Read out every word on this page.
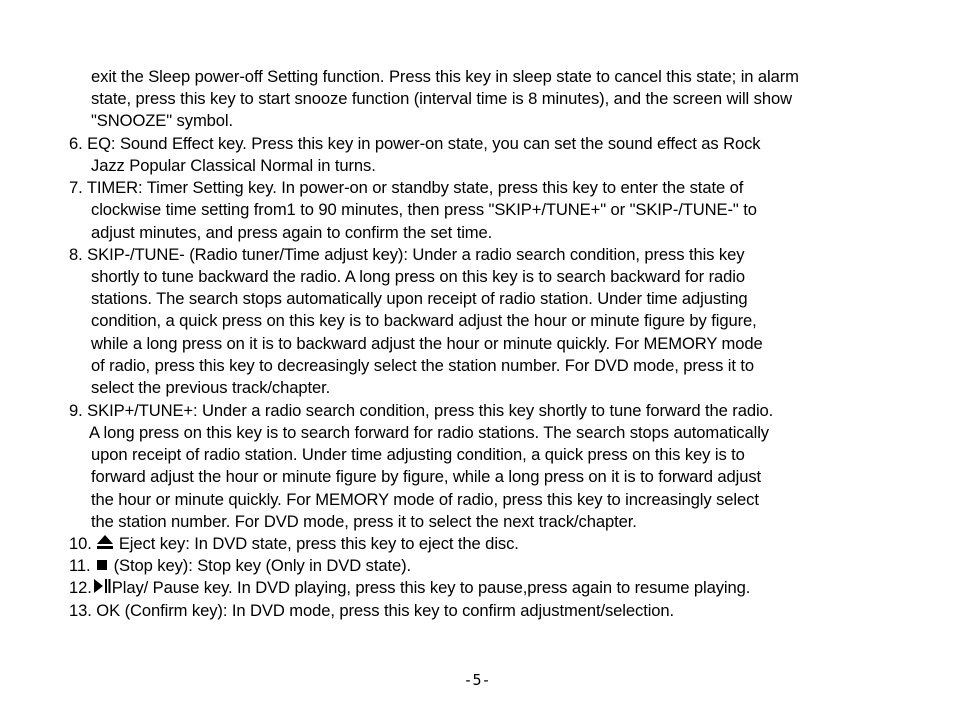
exit the Sleep power-off Setting function. Press this key in sleep state to cancel this state; in alarm
state, press this key to start snooze function (interval time is 8 minutes), and the screen will show
"SNOOZE" symbol.
6. EQ: Sound Effect key. Press this key in power-on state, you can set the sound effect as Rock
Jazz Popular Classical Normal in turns.
7. TIMER: Timer Setting key. In power-on or standby state, press this key to enter the state of
clockwise time setting from1 to 90 minutes, then press "SKIP+/TUNE+" or "SKIP-/TUNE-" to
adjust minutes, and press again to confirm the set time.
8. SKIP-/TUNE- (Radio tuner/Time adjust key): Under a radio search condition, press this key
shortly to tune backward the radio. A long press on this key is to search backward for radio
stations. The search stops automatically upon receipt of radio station. Under time adjusting
condition, a quick press on this key is to backward adjust the hour or minute figure by figure,
while a long press on it is to backward adjust the hour or minute quickly. For MEMORY mode
of radio, press this key to decreasingly select the station number. For DVD mode, press it to
select the previous track/chapter.
9. SKIP+/TUNE+: Under a radio search condition, press this key shortly to tune forward the radio.
A long press on this key is to search forward for radio stations. The search stops automatically
upon receipt of radio station. Under time adjusting condition, a quick press on this key is to
forward adjust the hour or minute figure by figure, while a long press on it is to forward adjust
the hour or minute quickly. For MEMORY mode of radio, press this key to increasingly select
the station number. For DVD mode, press it to select the next track/chapter.
10. Eject key: In DVD state, press this key to eject the disc.
11. (Stop key): Stop key (Only in DVD state).
12. Play/ Pause key. In DVD playing, press this key to pause,press again to resume playing.
13. OK (Confirm key): In DVD mode, press this key to confirm adjustment/selection.
-5-
